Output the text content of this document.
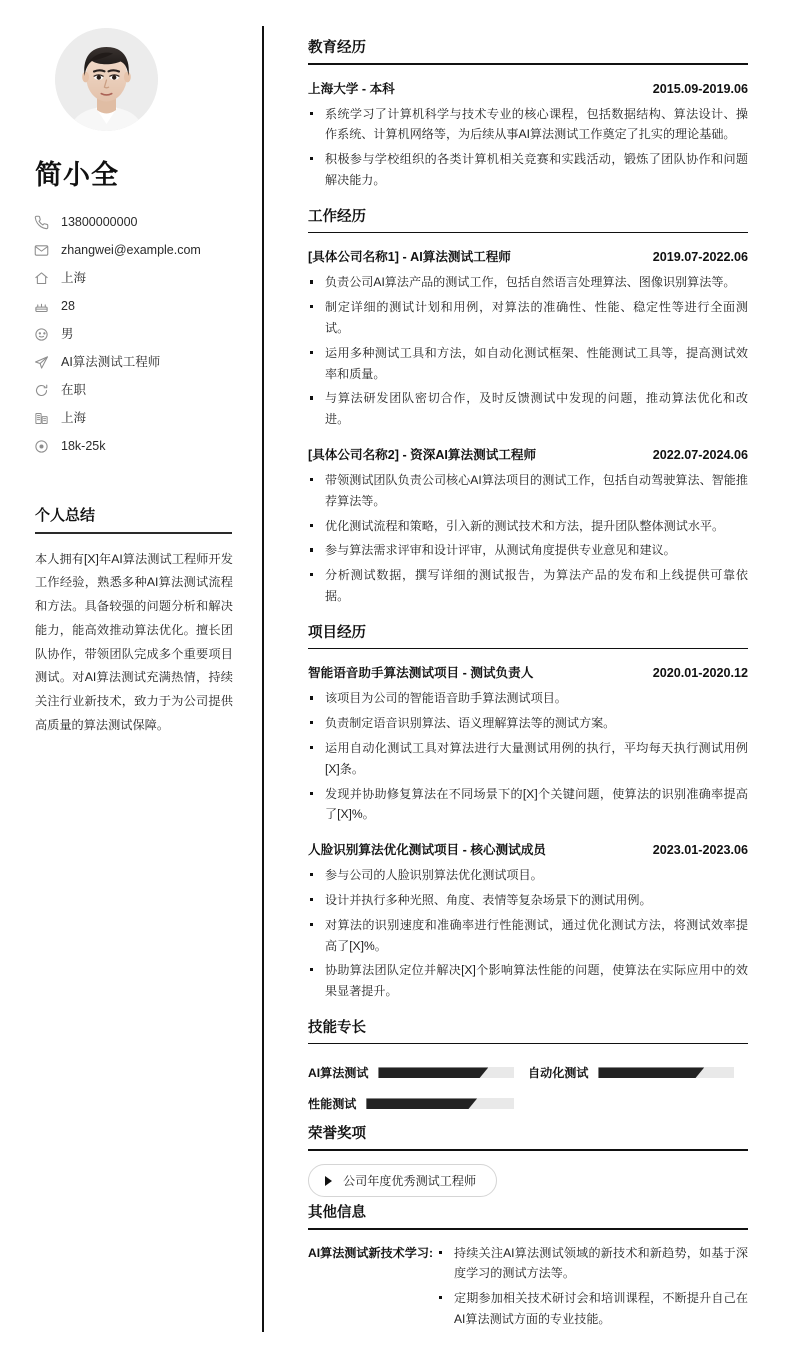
简小全
13800000000
zhangwei@example.com
上海
28
男
AI算法测试工程师
在职
上海
18k-25k
个人总结

本人拥有[X]年AI算法测试工程师开发工作经验，熟悉多种AI算法测试流程和方法。具备较强的问题分析和解决能力，能高效推动算法优化。擅长团队协作，带领团队完成多个重要项目测试。对AI算法测试充满热情，持续关注行业新技术，致力于为公司提供高质量的算法测试保障。

教育经历
上海大学 - 本科	2015.09-2019.06
系统学习了计算机科学与技术专业的核心课程，包括数据结构、算法设计、操作系统、计算机网络等，为后续从事AI算法测试工作奠定了扎实的理论基础。
积极参与学校组织的各类计算机相关竞赛和实践活动，锻炼了团队协作和问题解决能力。
工作经历
[具体公司名称1] - AI算法测试工程师	2019.07-2022.06
负责公司AI算法产品的测试工作，包括自然语言处理算法、图像识别算法等。
制定详细的测试计划和用例，对算法的准确性、性能、稳定性等进行全面测试。
运用多种测试工具和方法，如自动化测试框架、性能测试工具等，提高测试效率和质量。
与算法研发团队密切合作，及时反馈测试中发现的问题，推动算法优化和改进。
[具体公司名称2] - 资深AI算法测试工程师	2022.07-2024.06
带领测试团队负责公司核心AI算法项目的测试工作，包括自动驾驶算法、智能推荐算法等。
优化测试流程和策略，引入新的测试技术和方法，提升团队整体测试水平。
参与算法需求评审和设计评审，从测试角度提供专业意见和建议。
分析测试数据，撰写详细的测试报告，为算法产品的发布和上线提供可靠依据。
项目经历
智能语音助手算法测试项目 - 测试负责人	2020.01-2020.12
该项目为公司的智能语音助手算法测试项目。
负责制定语音识别算法、语义理解算法等的测试方案。
运用自动化测试工具对算法进行大量测试用例的执行，平均每天执行测试用例[X]条。
发现并协助修复算法在不同场景下的[X]个关键问题，使算法的识别准确率提高了[X]%。
人脸识别算法优化测试项目 - 核心测试成员	2023.01-2023.06
参与公司的人脸识别算法优化测试项目。
设计并执行多种光照、角度、表情等复杂场景下的测试用例。
对算法的识别速度和准确率进行性能测试，通过优化测试方法，将测试效率提高了[X]%。
协助算法团队定位并解决[X]个影响算法性能的问题，使算法在实际应用中的效果显著提升。
技能专长
AI算法测试	自动化测试
性能测试
荣誉奖项
公司年度优秀测试工程师
其他信息
AI算法测试新技术学习:	持续关注AI算法测试领域的新技术和新趋势，如基于深度学习的测试方法等。
定期参加相关技术研讨会和培训课程，不断提升自己在AI算法测试方面的专业技能。
